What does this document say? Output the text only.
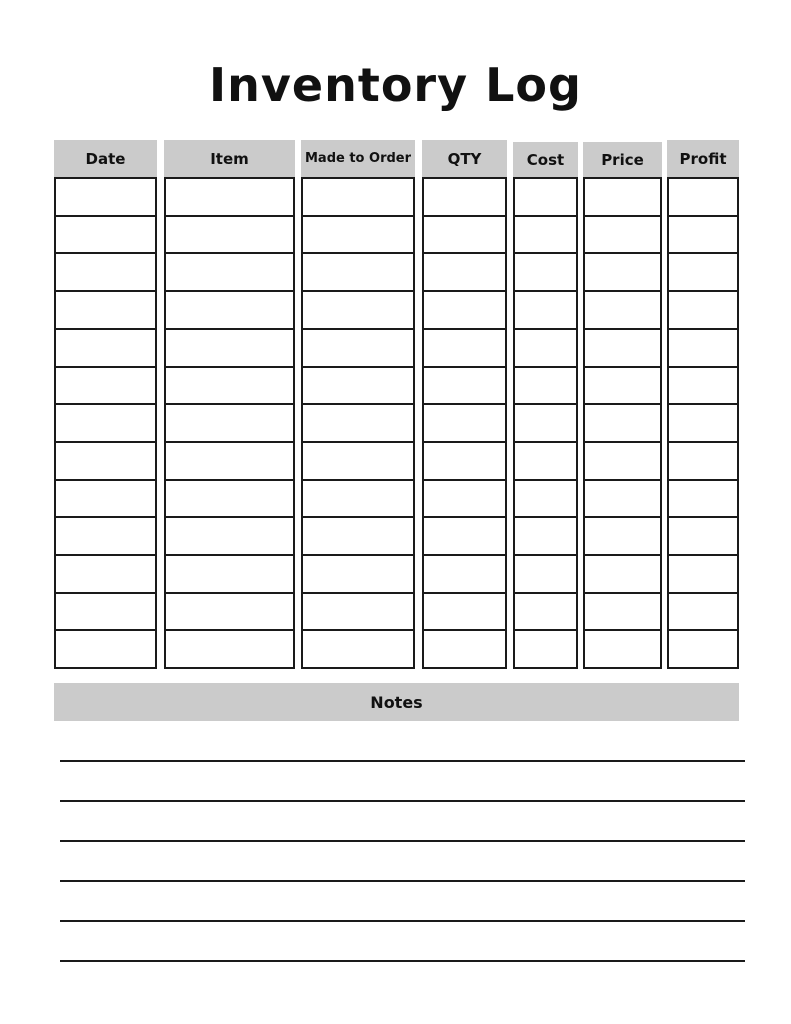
Inventory Log
Date	Item	Made to Order	QTY	Cost	Price	Profit
Notes
